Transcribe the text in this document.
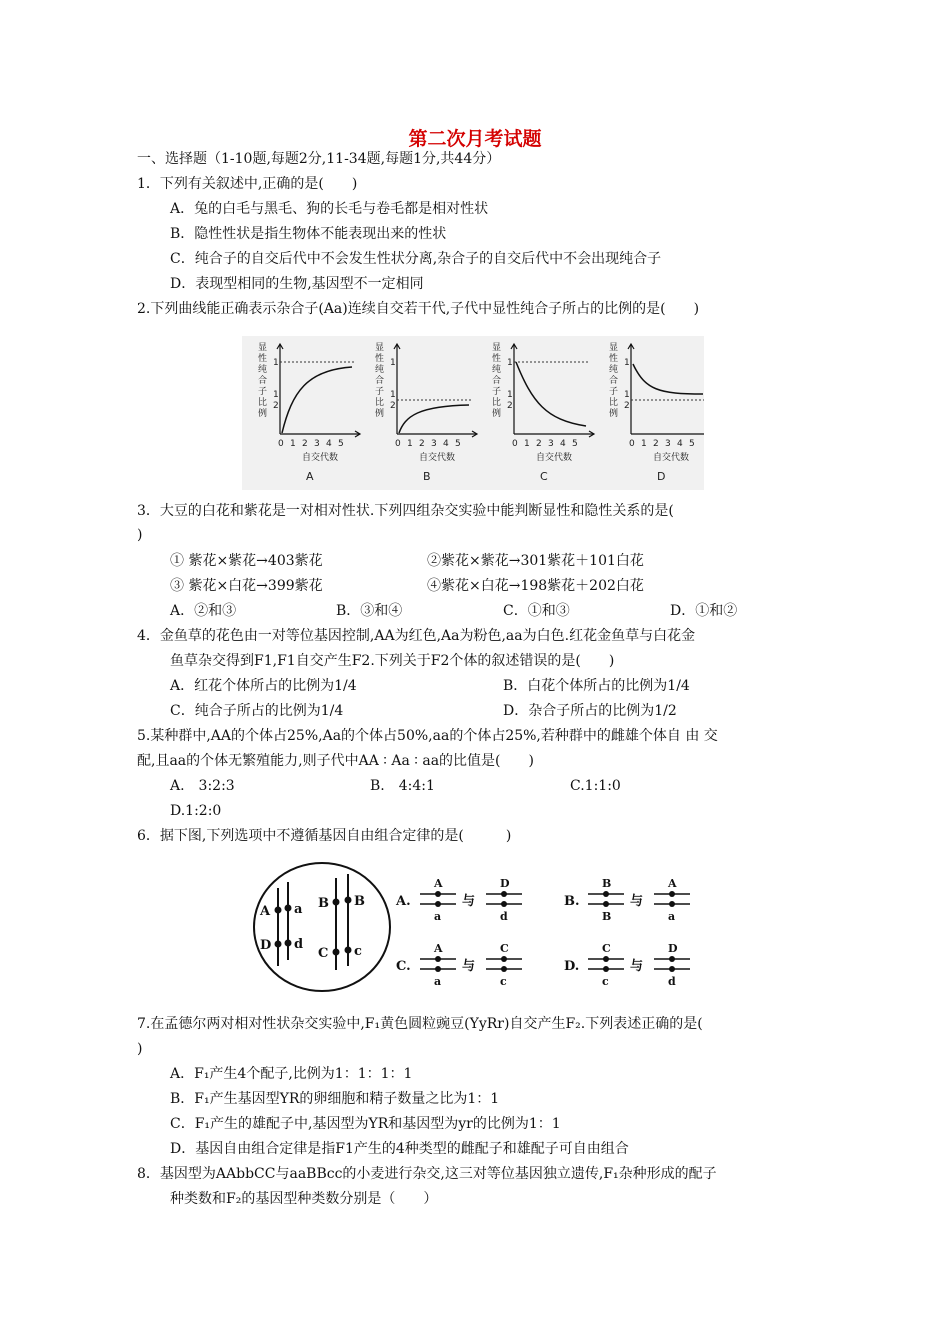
第二次月考试题
一、选择题（1-10题,每题2分,11-34题,每题1分,共44分）
1．下列有关叙述中,正确的是(　　)
A．兔的白毛与黑毛、狗的长毛与卷毛都是相对性状
B．隐性性状是指生物体不能表现出来的性状
C．纯合子的自交后代中不会发生性状分离,杂合子的自交后代中不会出现纯合子
D．表现型相同的生物,基因型不一定相同
2.下列曲线能正确表示杂合子(Aa)连续自交若干代,子代中显性纯合子所占的比例的是(　　)
显
性
纯
合
子
比
例
1
1
2
0 1 2 3 4 5
自交代数
A
显
性
纯
合
子
比
例
1
1
2
0 1 2 3 4 5
自交代数
B
显
性
纯
合
子
比
例
1
1
2
0 1 2 3 4 5
自交代数
C
显
性
纯
合
子
比
例
1
1
2
0 1 2 3 4 5
自交代数
D
3．大豆的白花和紫花是一对相对性状.下列四组杂交实验中能判断显性和隐性关系的是(
)
① 紫花×紫花→403紫花	②紫花×紫花→301紫花＋101白花
③ 紫花×白花→399紫花	④紫花×白花→198紫花＋202白花
A．②和③	B．③和④	C．①和③	D．①和②
4．金鱼草的花色由一对等位基因控制,AA为红色,Aa为粉色,aa为白色.红花金鱼草与白花金
鱼草杂交得到F1,F1自交产生F2.下列关于F2个体的叙述错误的是(　　)
A．红花个体所占的比例为1/4	B．白花个体所占的比例为1/4
C．纯合子所占的比例为1/4	D．杂合子所占的比例为1/2
5.某种群中,AA的个体占25%,Aa的个体占50%,aa的个体占25%,若种群中的雌雄个体自 由 交
配,且aa的个体无繁殖能力,则子代中AA ∶ Aa ∶ aa的比值是(　　)
A.　3:2:3	B.　4:4:1	C.1:1:0
D.1:2:0
6．据下图,下列选项中不遵循基因自由组合定律的是(　　　)
A a
D d
B B
C c
A.
A
a
与
D
d
B.
B
B
与
A
a
C.
A
a
与
C
c
D.
C
c
与
D
d
7.在孟德尔两对相对性状杂交实验中,F₁黄色圆粒豌豆(YyRr)自交产生F₂.下列表述正确的是(
)
A．F₁产生4个配子,比例为1：1：1：1
B．F₁产生基因型YR的卵细胞和精子数量之比为1：1
C．F₁产生的雄配子中,基因型为YR和基因型为yr的比例为1：1
D．基因自由组合定律是指F1产生的4种类型的雌配子和雄配子可自由组合
8．基因型为AAbbCC与aaBBcc的小麦进行杂交,这三对等位基因独立遗传,F₁杂种形成的配子
种类数和F₂的基因型种类数分别是（　　）
